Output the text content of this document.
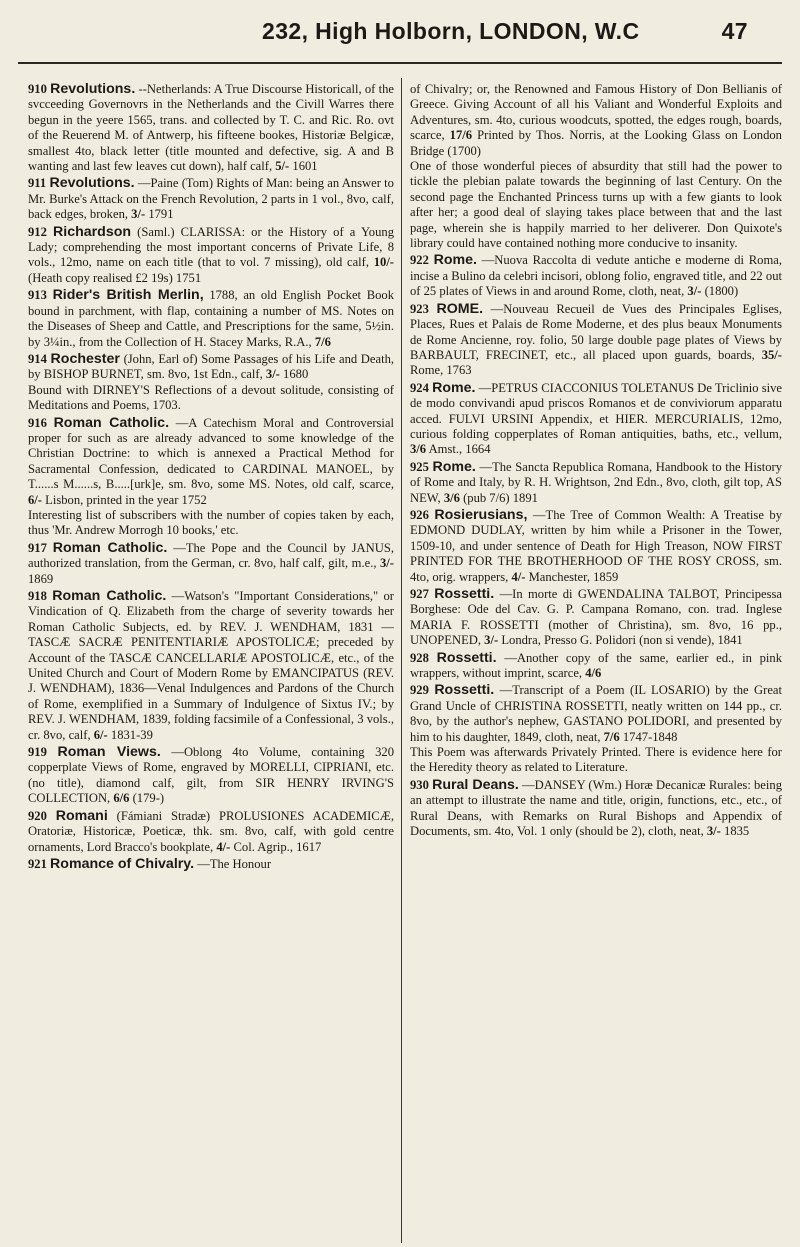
232, High Holborn, LONDON, W.C	47

910 Revolutions. --Netherlands: A True Discourse Historicall, of the svcceeding Governovrs in the Netherlands and the Civill Warres there begun in the yeere 1565, trans. and collected by T. C. and Ric. Ro. ovt of the Reuerend M. of Antwerp, his fifteene bookes, Historiæ Belgicæ, smallest 4to, black letter (title mounted and defective, sig. A and B wanting and last few leaves cut down), half calf, 5/- 1601

911 Revolutions. —Paine (Tom) Rights of Man: being an Answer to Mr. Burke's Attack on the French Revolution, 2 parts in 1 vol., 8vo, calf, back edges, broken, 3/- 1791

912 Richardson (Saml.) CLARISSA: or the History of a Young Lady; comprehending the most important concerns of Private Life, 8 vols., 12mo, name on each title (that to vol. 7 missing), old calf, 10/- (Heath copy realised £2 19s) 1751

913 Rider's British Merlin, 1788, an old English Pocket Book bound in parchment, with flap, containing a number of MS. Notes on the Diseases of Sheep and Cattle, and Prescriptions for the same, 5½in. by 3¼in., from the Collection of H. Stacey Marks, R.A., 7/6

914 Rochester (John, Earl of) Some Passages of his Life and Death, by BISHOP BURNET, sm. 8vo, 1st Edn., calf, 3/- 1680
Bound with DIRNEY'S Reflections of a devout solitude, consisting of Meditations and Poems, 1703.

916 Roman Catholic. —A Catechism Moral and Controversial proper for such as are already advanced to some knowledge of the Christian Doctrine: to which is annexed a Practical Method for Sacramental Confession, dedicated to CARDINAL MANOEL, by T......s M......s, B.....[urk]e, sm. 8vo, some MS. Notes, old calf, scarce, 6/- Lisbon, printed in the year 1752
Interesting list of subscribers with the number of copies taken by each, thus 'Mr. Andrew Morrogh 10 books,' etc.

917 Roman Catholic. —The Pope and the Council by JANUS, authorized translation, from the German, cr. 8vo, half calf, gilt, m.e., 3/- 1869

918 Roman Catholic. —Watson's "Important Considerations," or Vindication of Q. Elizabeth from the charge of severity towards her Roman Catholic Subjects, ed. by REV. J. WENDHAM, 1831 — TASCÆ SACRÆ PENITENTIARIÆ APOSTOLICÆ; preceded by Account of the TASCÆ CANCELLARIÆ APOSTOLICÆ, etc., of the United Church and Court of Modern Rome by EMANCIPATUS (REV. J. WENDHAM), 1836—Venal Indulgences and Pardons of the Church of Rome, exemplified in a Summary of Indulgence of Sixtus IV.; by REV. J. WENDHAM, 1839, folding facsimile of a Confessional, 3 vols., cr. 8vo, calf, 6/- 1831-39

919 Roman Views. —Oblong 4to Volume, containing 320 copperplate Views of Rome, engraved by MORELLI, CIPRIANI, etc. (no title), diamond calf, gilt, from SIR HENRY IRVING'S COLLECTION, 6/6 (179-)

920 Romani (Fámiani Stradæ) PROLUSIONES ACADEMICÆ, Oratoriæ, Historicæ, Poeticæ, thk. sm. 8vo, calf, with gold centre ornaments, Lord Bracco's bookplate, 4/- Col. Agrip., 1617

921 Romance of Chivalry. —The Honour

of Chivalry; or, the Renowned and Famous History of Don Bellianis of Greece. Giving Account of all his Valiant and Wonderful Exploits and Adventures, sm. 4to, curious woodcuts, spotted, the edges rough, boards, scarce, 17/6 Printed by Thos. Norris, at the Looking Glass on London Bridge (1700)
One of those wonderful pieces of absurdity that still had the power to tickle the plebian palate towards the beginning of last Century. On the second page the Enchanted Princess turns up with a few giants to look after her; a good deal of slaying takes place between that and the last page, wherein she is happily married to her deliverer. Don Quixote's library could have contained nothing more conducive to insanity.

922 Rome. —Nuova Raccolta di vedute antiche e moderne di Roma, incise a Bulino da celebri incisori, oblong folio, engraved title, and 22 out of 25 plates of Views in and around Rome, cloth, neat, 3/- (1800)

923 ROME. —Nouveau Recueil de Vues des Principales Eglises, Places, Rues et Palais de Rome Moderne, et des plus beaux Monuments de Rome Ancienne, roy. folio, 50 large double page plates of Views by BARBAULT, FRECINET, etc., all placed upon guards, boards, 35/- Rome, 1763

924 Rome. —PETRUS CIACCONIUS TOLETANUS De Triclinio sive de modo convivandi apud priscos Romanos et de conviviorum apparatu acced. FULVI URSINI Appendix, et HIER. MERCURIALIS, 12mo, curious folding copperplates of Roman antiquities, baths, etc., vellum, 3/6 Amst., 1664

925 Rome. —The Sancta Republica Romana, Handbook to the History of Rome and Italy, by R. H. Wrightson, 2nd Edn., 8vo, cloth, gilt top, AS NEW, 3/6 (pub 7/6) 1891

926 Rosierusians, —The Tree of Common Wealth: A Treatise by EDMOND DUDLAY, written by him while a Prisoner in the Tower, 1509-10, and under sentence of Death for High Treason, NOW FIRST PRINTED FOR THE BROTHERHOOD OF THE ROSY CROSS, sm. 4to, orig. wrappers, 4/- Manchester, 1859

927 Rossetti. —In morte di GWENDALINA TALBOT, Principessa Borghese: Ode del Cav. G. P. Campana Romano, con. trad. Inglese MARIA F. ROSSETTI (mother of Christina), sm. 8vo, 16 pp., UNOPENED, 3/- Londra, Presso G. Polidori (non si vende), 1841

928 Rossetti. —Another copy of the same, earlier ed., in pink wrappers, without imprint, scarce, 4/6

929 Rossetti. —Transcript of a Poem (IL LOSARIO) by the Great Grand Uncle of CHRISTINA ROSSETTI, neatly written on 144 pp., cr. 8vo, by the author's nephew, GASTANO POLIDORI, and presented by him to his daughter, 1849, cloth, neat, 7/6 1747-1848
This Poem was afterwards Privately Printed. There is evidence here for the Heredity theory as related to Literature.

930 Rural Deans. —DANSEY (Wm.) Horæ Decanicæ Rurales: being an attempt to illustrate the name and title, origin, functions, etc., etc., of Rural Deans, with Remarks on Rural Bishops and Appendix of Documents, sm. 4to, Vol. 1 only (should be 2), cloth, neat, 3/- 1835
